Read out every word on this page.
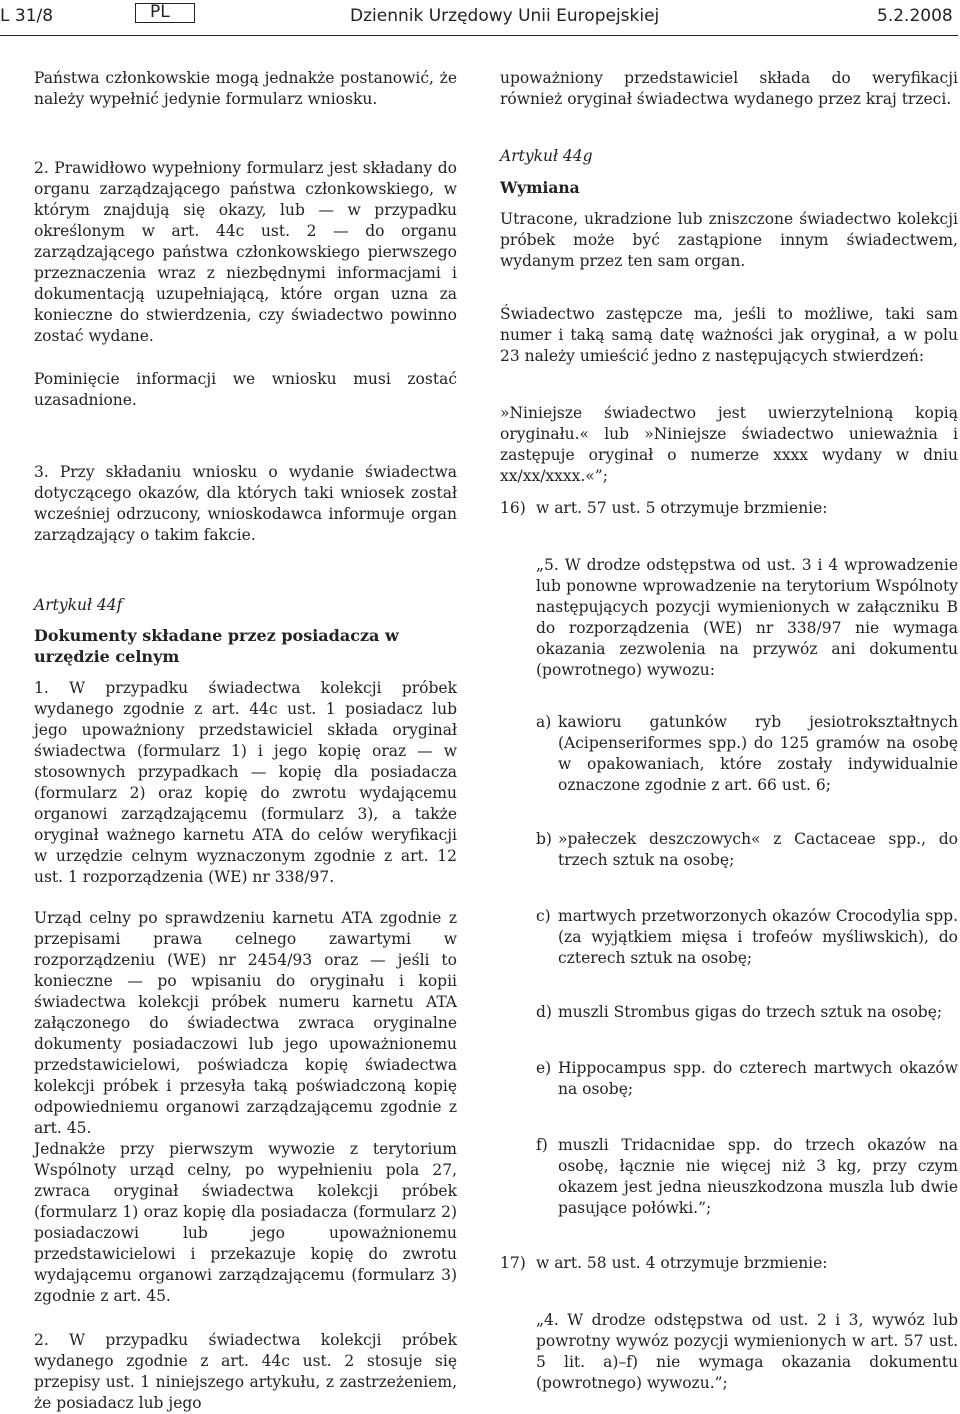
L 31/8	PL	Dziennik Urzędowy Unii Europejskiej	5.2.2008

Państwa członkowskie mogą jednakże postanowić, że należy wypełnić jedynie formularz wniosku.

2. Prawidłowo wypełniony formularz jest składany do organu zarządzającego państwa członkowskiego, w którym znajdują się okazy, lub — w przypadku określonym w art. 44c ust. 2 — do organu zarządzającego państwa członkowskiego pierwszego przeznaczenia wraz z niezbędnymi informacjami i dokumentacją uzupełniającą, które organ uzna za konieczne do stwierdzenia, czy świadectwo powinno zostać wydane.

Pominięcie informacji we wniosku musi zostać uzasadnione.

3. Przy składaniu wniosku o wydanie świadectwa dotyczącego okazów, dla których taki wniosek został wcześniej odrzucony, wnioskodawca informuje organ zarządzający o takim fakcie.

Artykuł 44f

Dokumenty składane przez posiadacza w urzędzie celnym

1. W przypadku świadectwa kolekcji próbek wydanego zgodnie z art. 44c ust. 1 posiadacz lub jego upoważniony przedstawiciel składa oryginał świadectwa (formularz 1) i jego kopię oraz — w stosownych przypadkach — kopię dla posiadacza (formularz 2) oraz kopię do zwrotu wydającemu organowi zarządzającemu (formularz 3), a także oryginał ważnego karnetu ATA do celów weryfikacji w urzędzie celnym wyznaczonym zgodnie z art. 12 ust. 1 rozporządzenia (WE) nr 338/97.

Urząd celny po sprawdzeniu karnetu ATA zgodnie z przepisami prawa celnego zawartymi w rozporządzeniu (WE) nr 2454/93 oraz — jeśli to konieczne — po wpisaniu do oryginału i kopii świadectwa kolekcji próbek numeru karnetu ATA załączonego do świadectwa zwraca oryginalne dokumenty posiadaczowi lub jego upoważnionemu przedstawicielowi, poświadcza kopię świadectwa kolekcji próbek i przesyła taką poświadczoną kopię odpowiedniemu organowi zarządzającemu zgodnie z art. 45.

Jednakże przy pierwszym wywozie z terytorium Wspólnoty urząd celny, po wypełnieniu pola 27, zwraca oryginał świadectwa kolekcji próbek (formularz 1) oraz kopię dla posiadacza (formularz 2) posiadaczowi lub jego upoważnionemu przedstawicielowi i przekazuje kopię do zwrotu wydającemu organowi zarządzającemu (formularz 3) zgodnie z art. 45.

2. W przypadku świadectwa kolekcji próbek wydanego zgodnie z art. 44c ust. 2 stosuje się przepisy ust. 1 niniejszego artykułu, z zastrzeżeniem, że posiadacz lub jego

upoważniony przedstawiciel składa do weryfikacji również oryginał świadectwa wydanego przez kraj trzeci.

Artykuł 44g

Wymiana

Utracone, ukradzione lub zniszczone świadectwo kolekcji próbek może być zastąpione innym świadectwem, wydanym przez ten sam organ.

Świadectwo zastępcze ma, jeśli to możliwe, taki sam numer i taką samą datę ważności jak oryginał, a w polu 23 należy umieścić jedno z następujących stwierdzeń:

»Niniejsze świadectwo jest uwierzytelnioną kopią oryginału.« lub »Niniejsze świadectwo unieważnia i zastępuje oryginał o numerze xxxx wydany w dniu xx/xx/xxxx.«”;

16) w art. 57 ust. 5 otrzymuje brzmienie:
„5. W drodze odstępstwa od ust. 3 i 4 wprowadzenie lub ponowne wprowadzenie na terytorium Wspólnoty następujących pozycji wymienionych w załączniku B do rozporządzenia (WE) nr 338/97 nie wymaga okazania zezwolenia na przywóz ani dokumentu (powrotnego) wywozu:
a) kawioru gatunków ryb jesiotrokształtnych (Acipenseriformes spp.) do 125 gramów na osobę w opakowaniach, które zostały indywidualnie oznaczone zgodnie z art. 66 ust. 6;
b) »pałeczek deszczowych« z Cactaceae spp., do trzech sztuk na osobę;
c) martwych przetworzonych okazów Crocodylia spp. (za wyjątkiem mięsa i trofeów myśliwskich), do czterech sztuk na osobę;
d) muszli Strombus gigas do trzech sztuk na osobę;
e) Hippocampus spp. do czterech martwych okazów na osobę;
f) muszli Tridacnidae spp. do trzech okazów na osobę, łącznie nie więcej niż 3 kg, przy czym okazem jest jedna nieuszkodzona muszla lub dwie pasujące połówki.”;
17) w art. 58 ust. 4 otrzymuje brzmienie:
„4. W drodze odstępstwa od ust. 2 i 3, wywóz lub powrotny wywóz pozycji wymienionych w art. 57 ust. 5 lit. a)–f) nie wymaga okazania dokumentu (powrotnego) wywozu.”;
